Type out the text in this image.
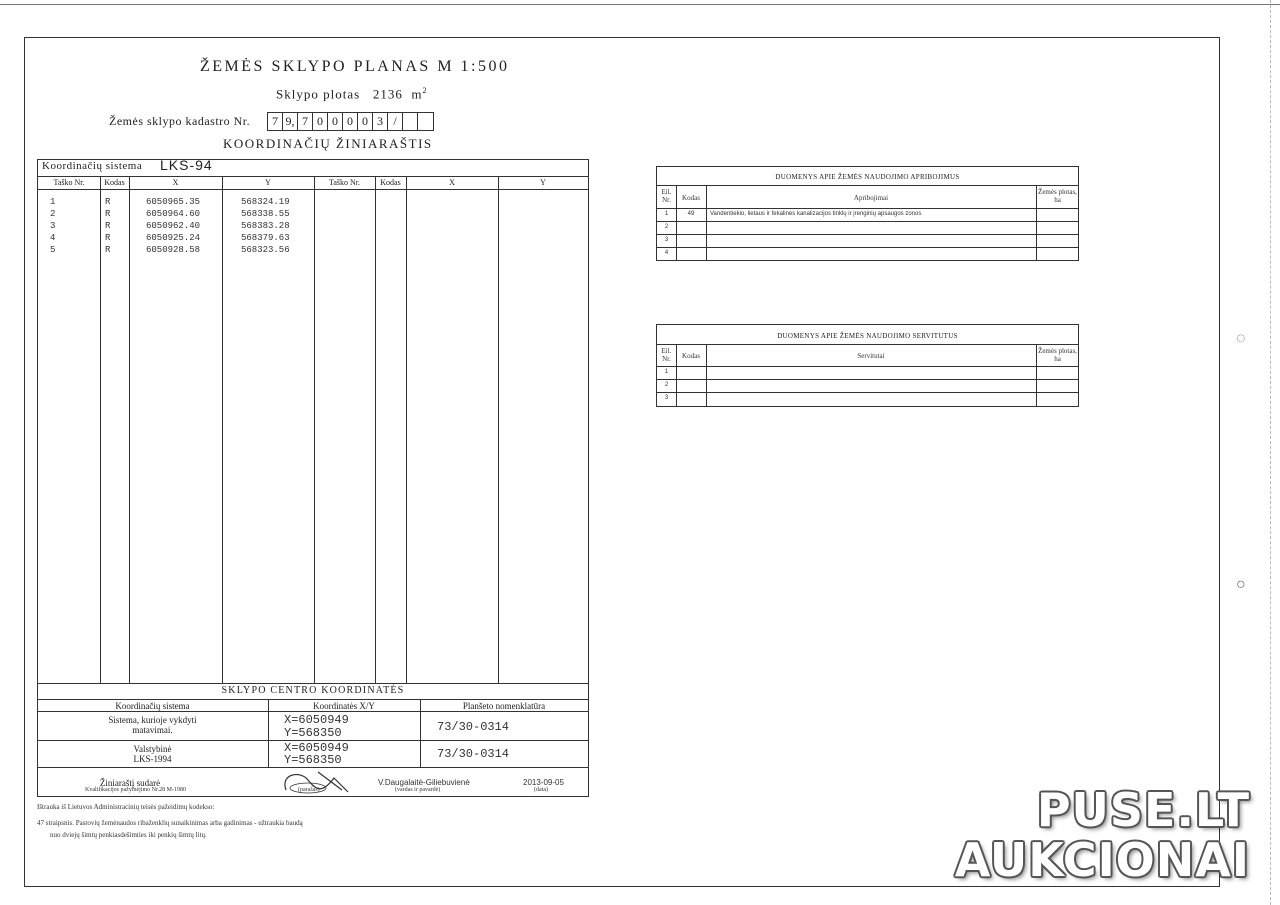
ŽEMĖS SKLYPO PLANAS M 1:500
Sklypo plotas 2136 $m^2$
Žemės sklypo kadastro Nr.	7 9, 7 0 0 0 0 3 /
KOORDINAČIŲ ŽINIARAŠTIS
Koordinačių sistema LKS-94
Taško Nr.	Kodas	X	Y	Taško Nr.	Kodas	X	Y
1	R	6050965.35	568324.19
2	R	6050964.60	568338.55
3	R	6050962.40	568383.28
4	R	6050925.24	568379.63
5	R	6050928.58	568323.56
SKLYPO CENTRO KOORDINATĖS
Koordinačių sistema	Koordinatės X/Y	Planšeto nomenklatūra
Sistema, kurioje vykdyti
matavimai.
X=6050949
Y=568350	73/30-0314
Valstybinė
LKS-1994
X=6050949
Y=568350	73/30-0314
Žiniaraštį sudarė
Kvalifikacijos pažymėjimo Nr.28 M-1980	(parašas)
V.Daugalaitė-Giliebuvienė
(vardas ir pavardė)
2013-09-05
(data)
Ištrauka iš Lietuvos Administracinių teisės pažeidimų kodekso:
47 straipsnis. Pastovių žemėnaudos ribaženklių sunaikinimas arba gadinimas - užtraukia baudą
nuo dviejų šimtų penkiasdešimties iki penkių šimtų litų.
DUOMENYS APIE ŽEMĖS NAUDOJIMO APRIBOJIMUS
Eil. Nr.	Kodas	Apribojimai
Žemės plotas, ha
1	49	Vandentiekio, lietaus ir fekalinės kanalizacijos tinklų ir įrenginių apsaugos zonos
2
3
4
DUOMENYS APIE ŽEMĖS NAUDOJIMO SERVITUTUS
Eil. Nr.	Kodas	Servitutai
Žemės plotas, ha
1
2
3
◌
○
PUSE.LT
AUKCIONAI
